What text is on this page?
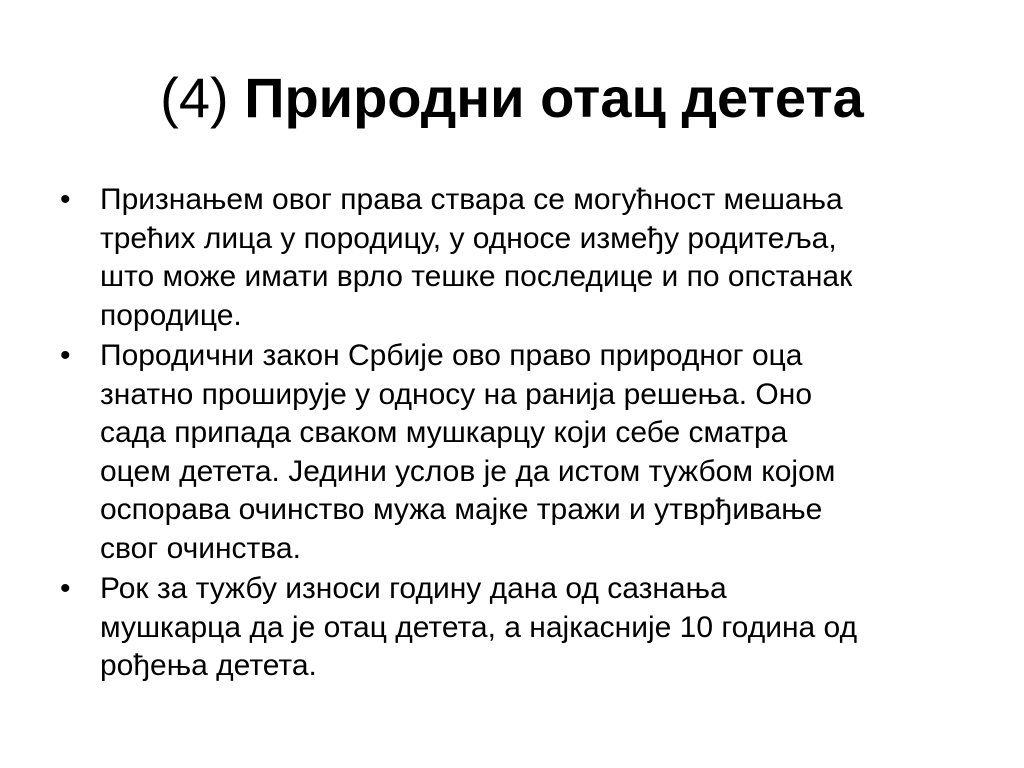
(4) Природни отац детета
• Признањем овог права ствара се могућност мешања
трећих лица у породицу, у односе између родитеља,
што може имати врло тешке последице и по опстанак
породице.
• Породични закон Србије ово право природног оца
знатно проширује у односу на ранија решења. Оно
сада припада сваком мушкарцу који себе сматра
оцем детета. Једини услов је да истом тужбом којом
оспорава очинство мужа мајке тражи и утврђивање
свог очинства.
• Рок за тужбу износи годину дана од сазнања
мушкарца да је отац детета, а најкасније 10 година од
рођења детета.
